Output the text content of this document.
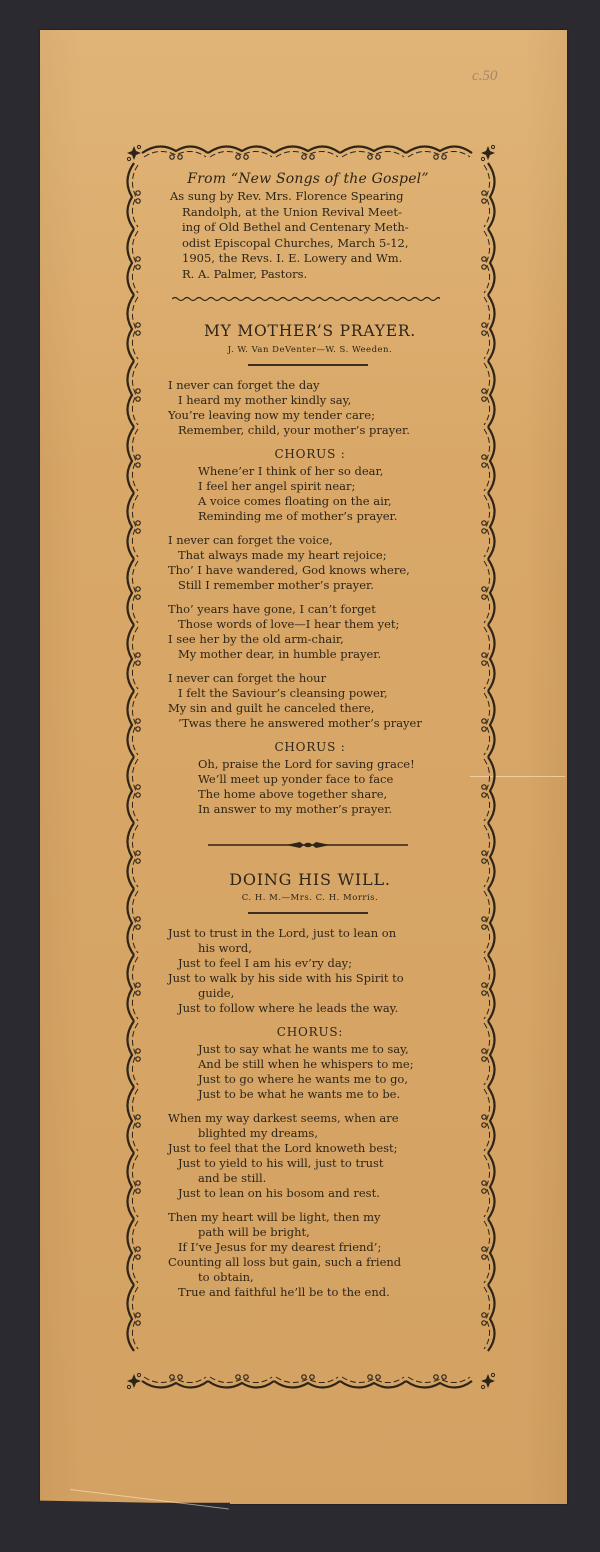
c.50
From “New Songs of the Gospel”
As sung by Rev. Mrs. Florence Spearing
Randolph, at the Union Revival Meet-
ing of Old Bethel and Centenary Meth-
odist Episcopal Churches, March 5-12,
1905, the Revs. I. E. Lowery and Wm.
R. A. Palmer, Pastors.
MY MOTHER’S PRAYER.
J. W. Van DeVenter—W. S. Weeden.
I never can forget the day
I heard my mother kindly say,
You’re leaving now my tender care;
Remember, child, your mother’s prayer.
CHORUS :
Whene’er I think of her so dear,
I feel her angel spirit near;
A voice comes floating on the air,
Reminding me of mother’s prayer.
I never can forget the voice,
That always made my heart rejoice;
Tho’ I have wandered, God knows where,
Still I remember mother’s prayer.
Tho’ years have gone, I can’t forget
Those words of love—I hear them yet;
I see her by the old arm-chair,
My mother dear, in humble prayer.
I never can forget the hour
I felt the Saviour’s cleansing power,
My sin and guilt he canceled there,
’Twas there he answered mother’s prayer
CHORUS :
Oh, praise the Lord for saving grace!
We’ll meet up yonder face to face
The home above together share,
In answer to my mother’s prayer.
DOING HIS WILL.
C. H. M.—Mrs. C. H. Morris.
Just to trust in the Lord, just to lean on
his word,
Just to feel I am his ev’ry day;
Just to walk by his side with his Spirit to
guide,
Just to follow where he leads the way.
CHORUS:
Just to say what he wants me to say,
And be still when he whispers to me;
Just to go where he wants me to go,
Just to be what he wants me to be.
When my way darkest seems, when are
blighted my dreams,
Just to feel that the Lord knoweth best;
Just to yield to his will, just to trust
and be still.
Just to lean on his bosom and rest.
Then my heart will be light, then my
path will be bright,
If I’ve Jesus for my dearest friend’;
Counting all loss but gain, such a friend
to obtain,
True and faithful he’ll be to the end.
